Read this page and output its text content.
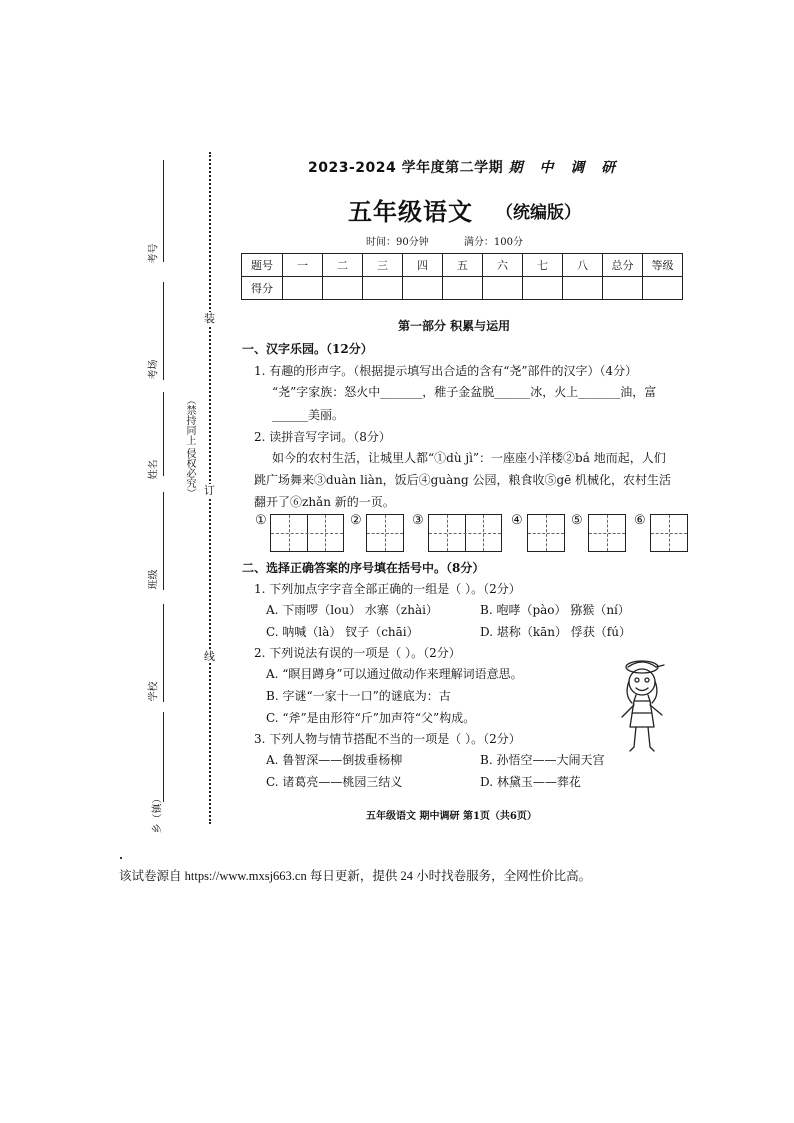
考号
考场
姓名
班级
学校
乡（镇）
（禁持同上 侵权必究）
装
订
线
2023-2024 学年度第二学期 期 中 调 研
五年级语文 （统编版）
时间：90分钟	满分：100分
题号	一	二	三	四	五	六	七	八	总分	等级
得分										
第一部分 积累与运用
一、汉字乐园。（12分）
1. 有趣的形声字。（根据提示填写出合适的含有“尧”部件的汉字）（4分）
“尧”字家族：怒火中_______，稚子金盆脱______冰，火上_______油，富
______美丽。
2. 读拼音写字词。（8分）
如今的农村生活，让城里人都“①dù jì”：一座座小洋楼②bá 地而起，人们
跳广场舞来③duàn liàn，饭后④guàng 公园，粮食收⑤gē 机械化，农村生活
翻开了⑥zhǎn 新的一页。
①	②	③	④	⑤	⑥
二、选择正确答案的序号填在括号中。（8分）
1. 下列加点字字音全部正确的一组是（ ）。（2分）
A. 下雨啰（lou） 水寨（zhài）	B. 咆哮（pào） 猕猴（ní）
C. 呐喊（là） 钗子（chāi）	D. 堪称（kān） 俘获（fú）
2. 下列说法有误的一项是（ ）。（2分）
A. “瞑目蹲身”可以通过做动作来理解词语意思。
B. 字谜“一家十一口”的谜底为：古
C. “斧”是由形符“斤”加声符“父”构成。
3. 下列人物与情节搭配不当的一项是（ ）。（2分）
A. 鲁智深——倒拔垂杨柳	B. 孙悟空——大闹天宫
C. 诸葛亮——桃园三结义	D. 林黛玉——葬花
五年级语文 期中调研 第1页（共6页）
该试卷源自 https://www.mxsj663.cn 每日更新，提供 24 小时找卷服务，全网性价比高。
